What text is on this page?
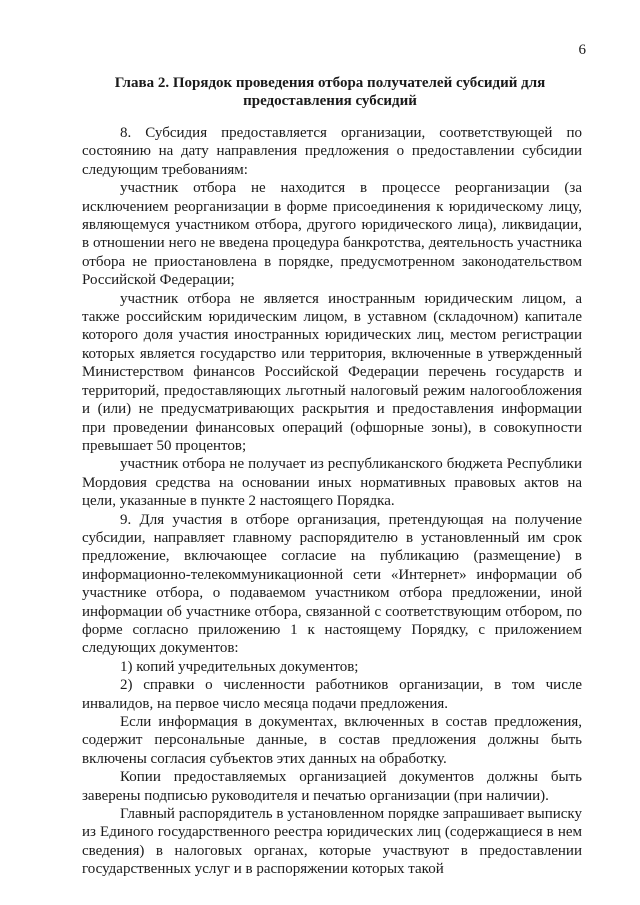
6
Глава 2. Порядок проведения отбора получателей субсидий для предоставления субсидий

8. Субсидия предоставляется организации, соответствующей по состоянию на дату направления предложения о предоставлении субсидии следующим требованиям:

участник отбора не находится в процессе реорганизации (за исключением реорганизации в форме присоединения к юридическому лицу, являющемуся участником отбора, другого юридического лица), ликвидации, в отношении него не введена процедура банкротства, деятельность участника отбора не приостановлена в порядке, предусмотренном законодательством Российской Федерации;

участник отбора не является иностранным юридическим лицом, а также российским юридическим лицом, в уставном (складочном) капитале которого доля участия иностранных юридических лиц, местом регистрации которых является государство или территория, включенные в утвержденный Министерством финансов Российской Федерации перечень государств и территорий, предоставляющих льготный налоговый режим налогообложения и (или) не предусматривающих раскрытия и предоставления информации при проведении финансовых операций (офшорные зоны), в совокупности превышает 50 процентов;

участник отбора не получает из республиканского бюджета Республики Мордовия средства на основании иных нормативных правовых актов на цели, указанные в пункте 2 настоящего Порядка.

9. Для участия в отборе организация, претендующая на получение субсидии, направляет главному распорядителю в установленный им срок предложение, включающее согласие на публикацию (размещение) в информационно-телекоммуникационной сети «Интернет» информации об участнике отбора, о подаваемом участником отбора предложении, иной информации об участнике отбора, связанной с соответствующим отбором, по форме согласно приложению 1 к настоящему Порядку, с приложением следующих документов:

1) копий учредительных документов;

2) справки о численности работников организации, в том числе инвалидов, на первое число месяца подачи предложения.

Если информация в документах, включенных в состав предложения, содержит персональные данные, в состав предложения должны быть включены согласия субъектов этих данных на обработку.

Копии предоставляемых организацией документов должны быть заверены подписью руководителя и печатью организации (при наличии).

Главный распорядитель в установленном порядке запрашивает выписку из Единого государственного реестра юридических лиц (содержащиеся в нем сведения) в налоговых органах, которые участвуют в предоставлении государственных услуг и в распоряжении которых такой
